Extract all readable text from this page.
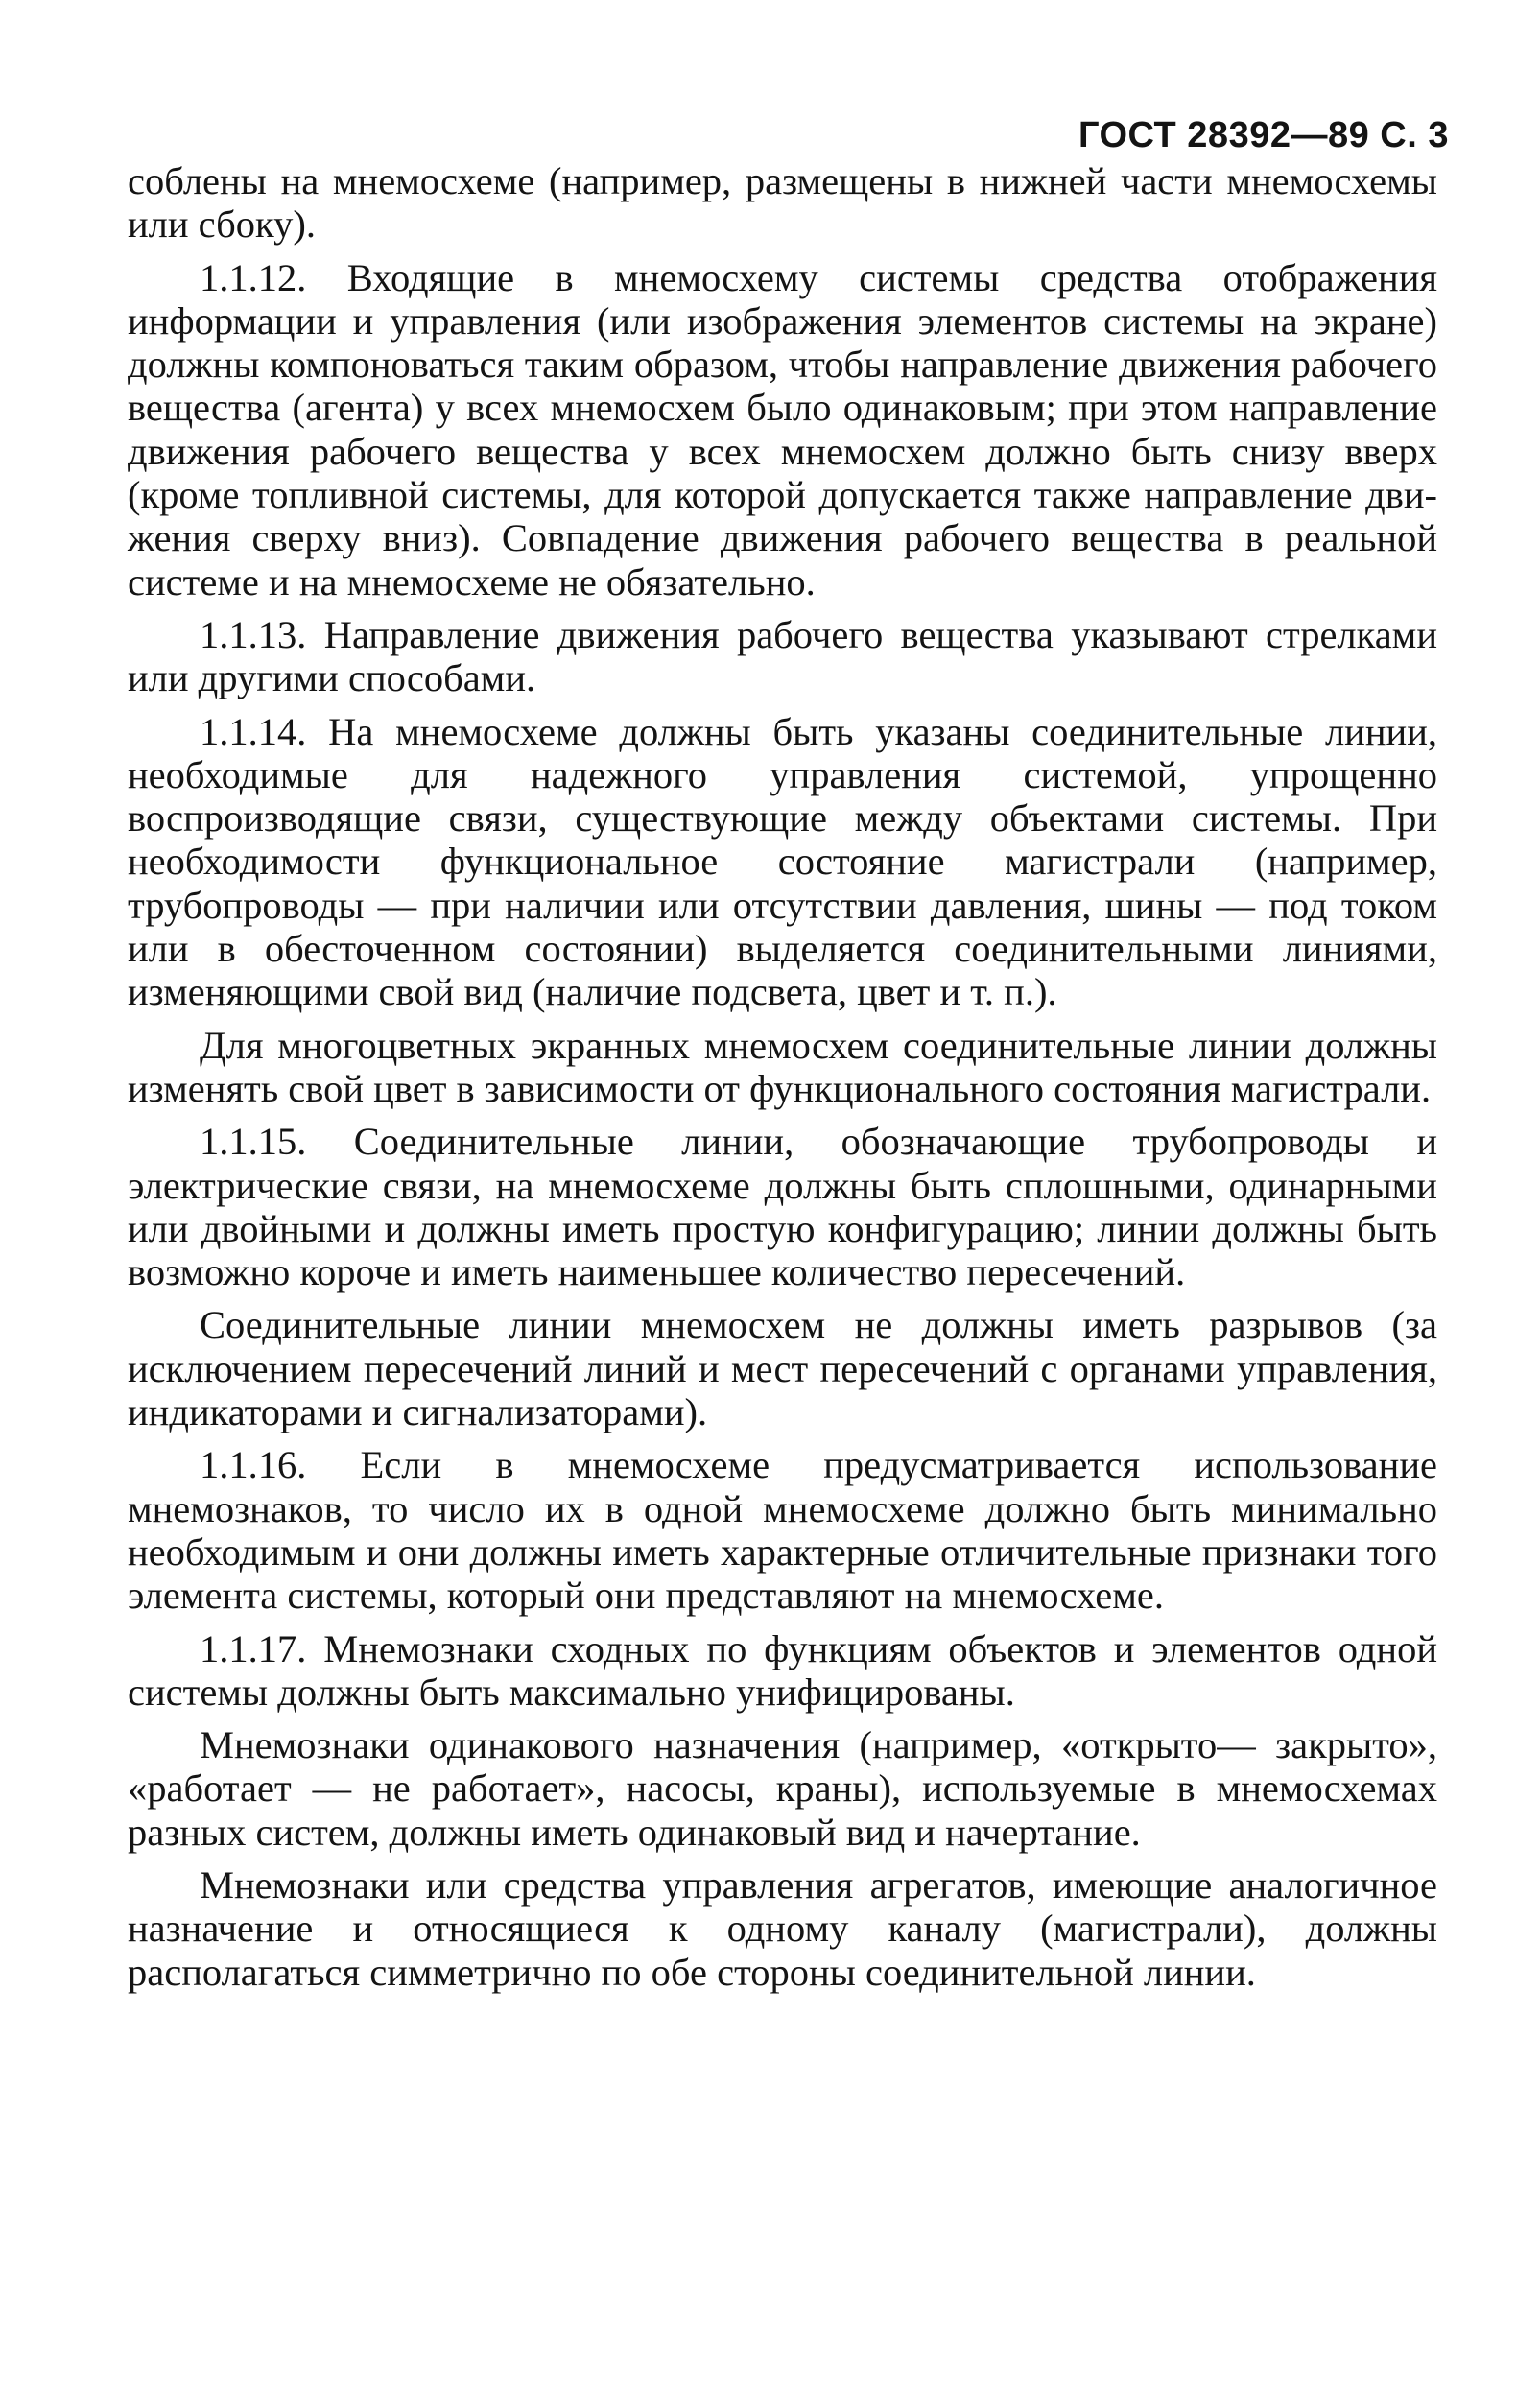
ГОСТ 28392—89 С. 3

соблены на мнемосхеме (например, размещены в нижней части мнемосхемы или сбоку).

1.1.12. Входящие в мнемосхему системы средства отображения информации и управления (или изображения элементов системы на экране) должны компоноваться таким образом, чтобы направление движения рабочего вещества (агента) у всех мнемосхем было одинаковым; при этом направление движения рабочего вещества у всех мнемосхем должно быть снизу вверх (кроме топливной системы, для которой допускается также направление движения сверху вниз). Совпадение движения рабочего вещества в реальной системе и на мнемосхеме не обязательно.

1.1.13. Направление движения рабочего вещества указывают стрелками или другими способами.

1.1.14. На мнемосхеме должны быть указаны соединительные линии, необходимые для надежного управления системой, упрощенно воспроизводящие связи, существующие между объектами системы. При необходимости функциональное состояние магистрали (например, трубопроводы — при наличии или отсутствии давления, шины — под током или в обесточенном состоянии) выделяется соединительными линиями, изменяющими свой вид (наличие подсвета, цвет и т. п.).

Для многоцветных экранных мнемосхем соединительные линии должны изменять свой цвет в зависимости от функционального состояния магистрали.

1.1.15. Соединительные линии, обозначающие трубопроводы и электрические связи, на мнемосхеме должны быть сплошными, одинарными или двойными и должны иметь простую конфигурацию; линии должны быть возможно короче и иметь наименьшее количество пересечений.

Соединительные линии мнемосхем не должны иметь разрывов (за исключением пересечений линий и мест пересечений с органами управления, индикаторами и сигнализаторами).

1.1.16. Если в мнемосхеме предусматривается использование мнемознаков, то число их в одной мнемосхеме должно быть минимально необходимым и они должны иметь характерные отличительные признаки того элемента системы, который они представляют на мнемосхеме.

1.1.17. Мнемознаки сходных по функциям объектов и элементов одной системы должны быть максимально унифицированы.

Мнемознаки одинакового назначения (например, «открыто— закрыто», «работает — не работает», насосы, краны), используемые в мнемосхемах разных систем, должны иметь одинаковый вид и начертание.

Мнемознаки или средства управления агрегатов, имеющие аналогичное назначение и относящиеся к одному каналу (магистрали), должны располагаться симметрично по обе стороны соединительной линии.
